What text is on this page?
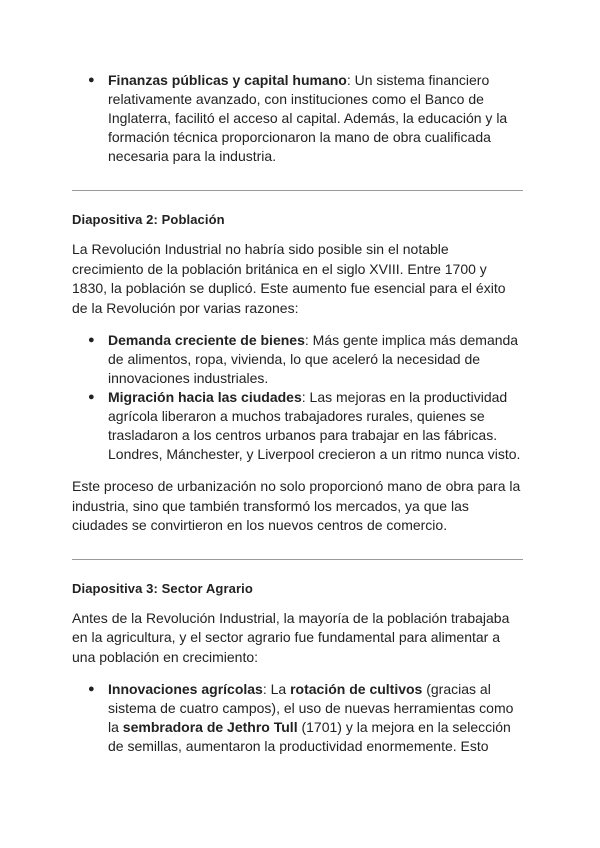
● Finanzas públicas y capital humano: Un sistema financiero relativamente avanzado, con instituciones como el Banco de Inglaterra, facilitó el acceso al capital. Además, la educación y la formación técnica proporcionaron la mano de obra cualificada necesaria para la industria.
Diapositiva 2: Población

La Revolución Industrial no habría sido posible sin el notable crecimiento de la población británica en el siglo XVIII. Entre 1700 y 1830, la población se duplicó. Este aumento fue esencial para el éxito de la Revolución por varias razones:

● Demanda creciente de bienes: Más gente implica más demanda de alimentos, ropa, vivienda, lo que aceleró la necesidad de innovaciones industriales.
● Migración hacia las ciudades: Las mejoras en la productividad agrícola liberaron a muchos trabajadores rurales, quienes se trasladaron a los centros urbanos para trabajar en las fábricas. Londres, Mánchester, y Liverpool crecieron a un ritmo nunca visto.

Este proceso de urbanización no solo proporcionó mano de obra para la industria, sino que también transformó los mercados, ya que las ciudades se convirtieron en los nuevos centros de comercio.

Diapositiva 3: Sector Agrario

Antes de la Revolución Industrial, la mayoría de la población trabajaba en la agricultura, y el sector agrario fue fundamental para alimentar a una población en crecimiento:

● Innovaciones agrícolas: La rotación de cultivos (gracias al sistema de cuatro campos), el uso de nuevas herramientas como la sembradora de Jethro Tull (1701) y la mejora en la selección de semillas, aumentaron la productividad enormemente. Esto
